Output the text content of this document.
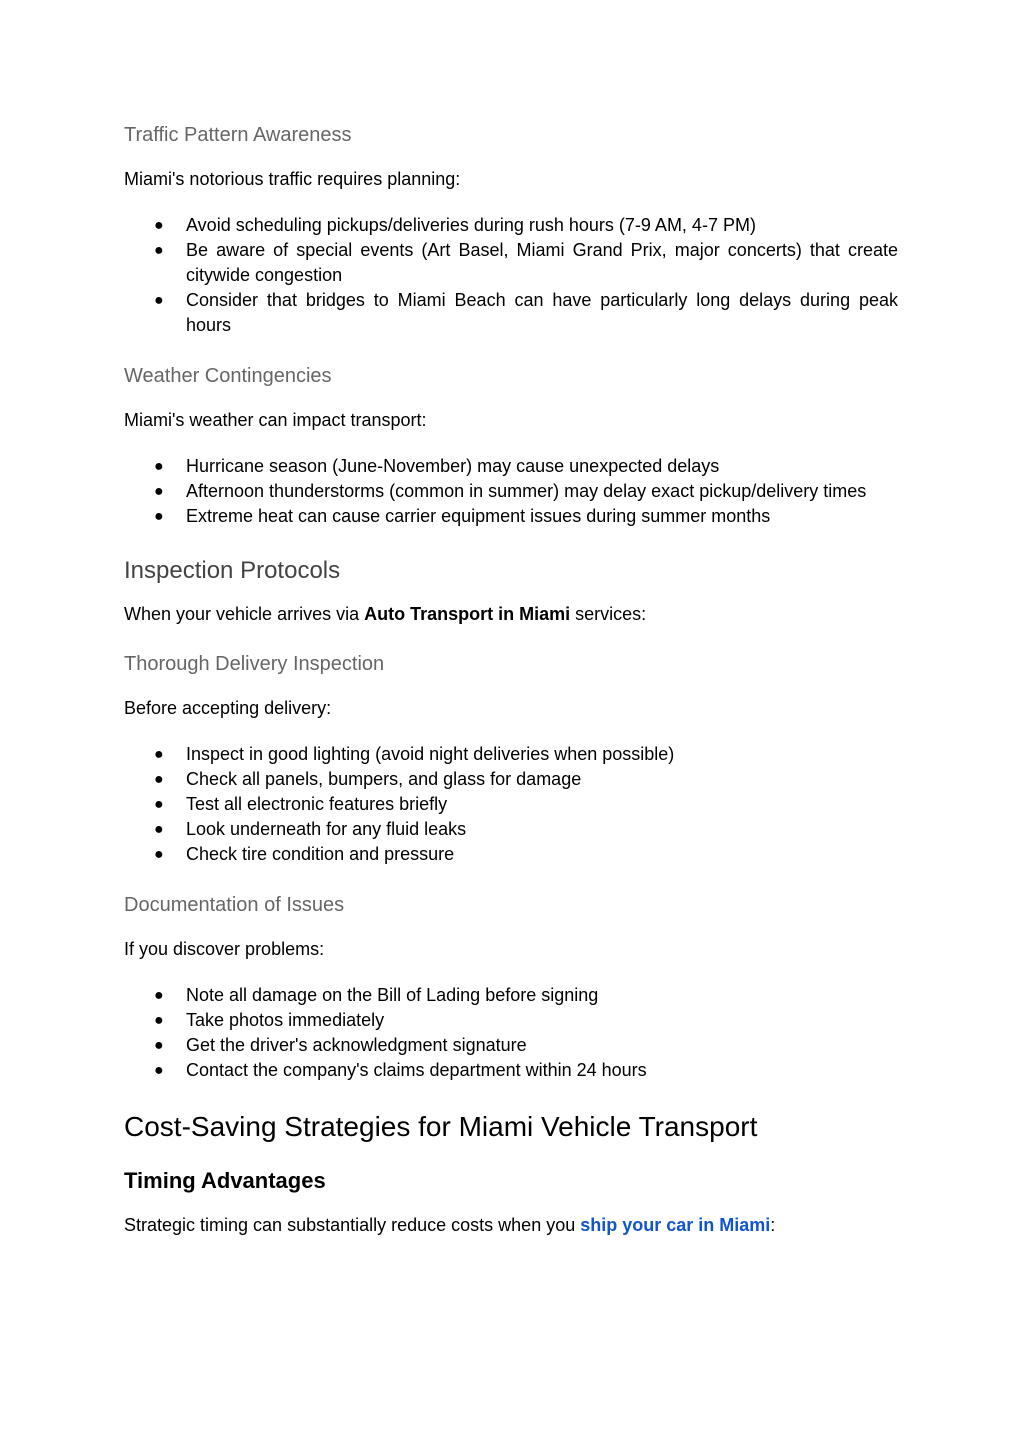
Traffic Pattern Awareness

Miami's notorious traffic requires planning:

● Avoid scheduling pickups/deliveries during rush hours (7-9 AM, 4-7 PM)
● Be aware of special events (Art Basel, Miami Grand Prix, major concerts) that create citywide congestion
● Consider that bridges to Miami Beach can have particularly long delays during peak hours
Weather Contingencies

Miami's weather can impact transport:

● Hurricane season (June-November) may cause unexpected delays
● Afternoon thunderstorms (common in summer) may delay exact pickup/delivery times
● Extreme heat can cause carrier equipment issues during summer months
Inspection Protocols

When your vehicle arrives via Auto Transport in Miami services:

Thorough Delivery Inspection

Before accepting delivery:

● Inspect in good lighting (avoid night deliveries when possible)
● Check all panels, bumpers, and glass for damage
● Test all electronic features briefly
● Look underneath for any fluid leaks
● Check tire condition and pressure
Documentation of Issues

If you discover problems:

● Note all damage on the Bill of Lading before signing
● Take photos immediately
● Get the driver's acknowledgment signature
● Contact the company's claims department within 24 hours
Cost-Saving Strategies for Miami Vehicle Transport
Timing Advantages

Strategic timing can substantially reduce costs when you ship your car in Miami:
